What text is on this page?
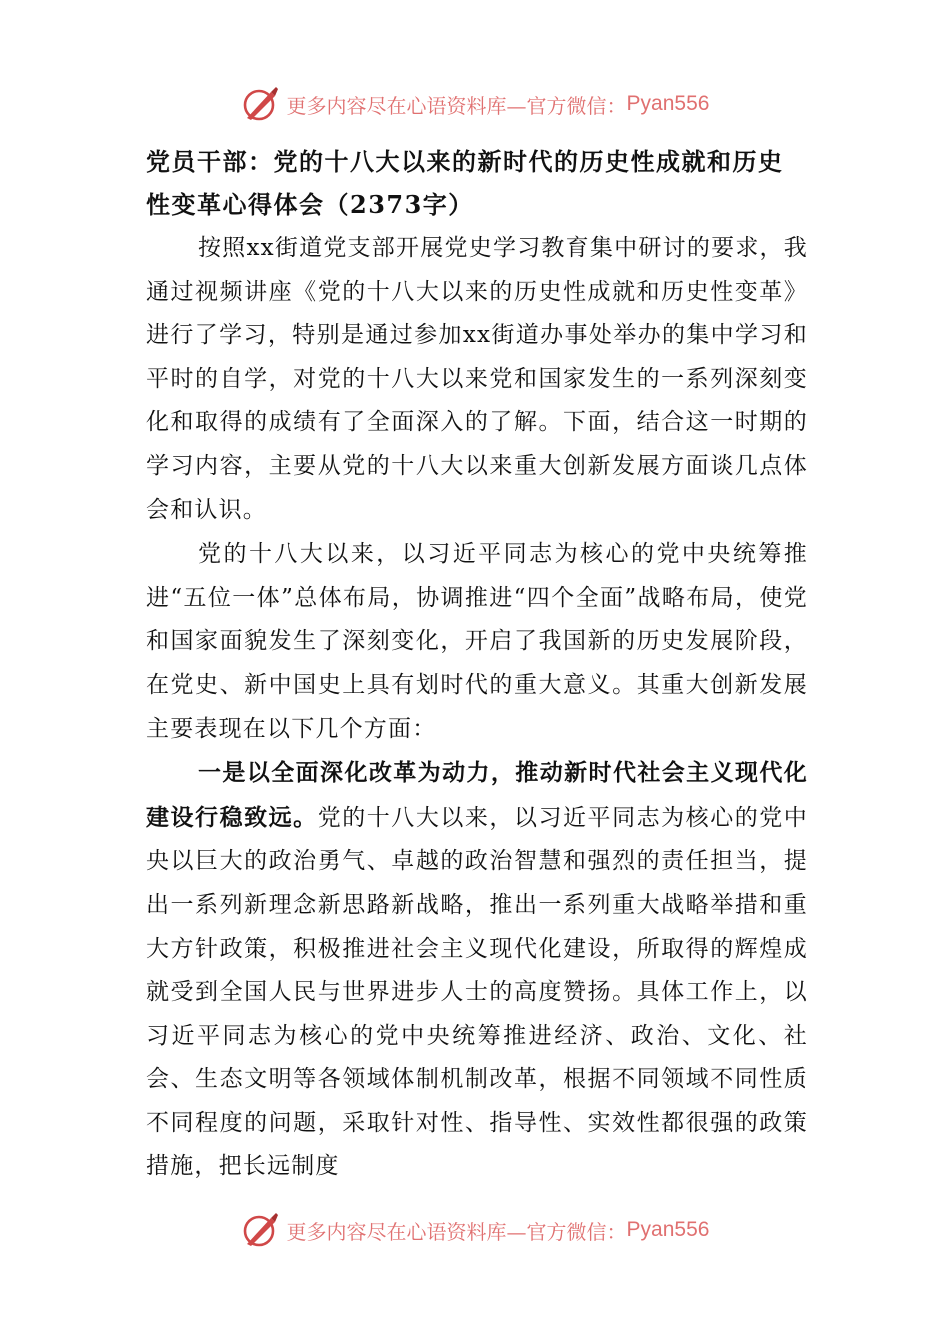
更多内容尽在心语资料库—官方微信： Pyan556
党员干部：党的十八大以来的新时代的历史性成就和历史性变革心得体会（2373字）

按照xx街道党支部开展党史学习教育集中研讨的要求，我通过视频讲座《党的十八大以来的历史性成就和历史性变革》进行了学习，特别是通过参加xx街道办事处举办的集中学习和平时的自学，对党的十八大以来党和国家发生的一系列深刻变化和取得的成绩有了全面深入的了解。下面，结合这一时期的学习内容，主要从党的十八大以来重大创新发展方面谈几点体会和认识。

党的十八大以来，以习近平同志为核心的党中央统筹推进“五位一体”总体布局，协调推进“四个全面”战略布局，使党和国家面貌发生了深刻变化，开启了我国新的历史发展阶段，在党史、新中国史上具有划时代的重大意义。其重大创新发展主要表现在以下几个方面：

一是以全面深化改革为动力，推动新时代社会主义现代化建设行稳致远。党的十八大以来，以习近平同志为核心的党中央以巨大的政治勇气、卓越的政治智慧和强烈的责任担当，提出一系列新理念新思路新战略，推出一系列重大战略举措和重大方针政策，积极推进社会主义现代化建设，所取得的辉煌成就受到全国人民与世界进步人士的高度赞扬。具体工作上，以习近平同志为核心的党中央统筹推进经济、政治、文化、社会、生态文明等各领域体制机制改革，根据不同领域不同性质不同程度的问题，采取针对性、指导性、实效性都很强的政策措施，把长远制度

更多内容尽在心语资料库—官方微信： Pyan556
